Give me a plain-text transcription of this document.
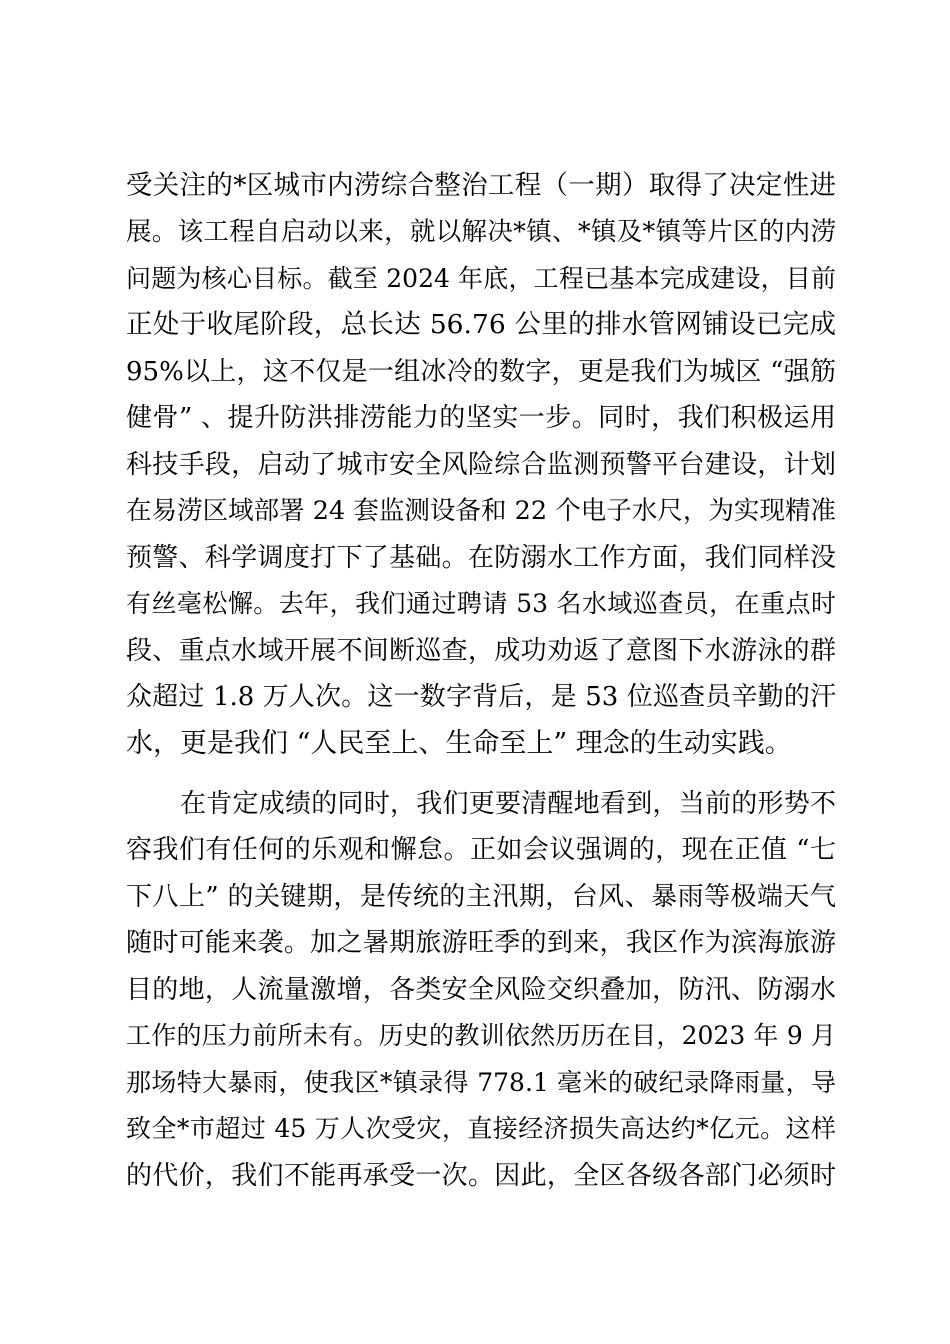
受关注的*区城市内涝综合整治工程（一期）取得了决定性进
展。该工程自启动以来，就以解决*镇、*镇及*镇等片区的内涝
问题为核心目标。截至 2024 年底，工程已基本完成建设，目前
正处于收尾阶段，总长达 56.76 公里的排水管网铺设已完成
95%以上，这不仅是一组冰冷的数字，更是我们为城区 “强筋
健骨” 、提升防洪排涝能力的坚实一步。同时，我们积极运用
科技手段，启动了城市安全风险综合监测预警平台建设，计划
在易涝区域部署 24 套监测设备和 22 个电子水尺，为实现精准
预警、科学调度打下了基础。在防溺水工作方面，我们同样没
有丝毫松懈。去年，我们通过聘请 53 名水域巡查员，在重点时
段、重点水域开展不间断巡查，成功劝返了意图下水游泳的群
众超过 1.8 万人次。这一数字背后，是 53 位巡查员辛勤的汗
水，更是我们 “人民至上、生命至上” 理念的生动实践。
在肯定成绩的同时，我们更要清醒地看到，当前的形势不
容我们有任何的乐观和懈怠。正如会议强调的，现在正值 “七
下八上” 的关键期，是传统的主汛期，台风、暴雨等极端天气
随时可能来袭。加之暑期旅游旺季的到来，我区作为滨海旅游
目的地，人流量激增，各类安全风险交织叠加，防汛、防溺水
工作的压力前所未有。历史的教训依然历历在目，2023 年 9 月
那场特大暴雨，使我区*镇录得 778.1 毫米的破纪录降雨量，导
致全*市超过 45 万人次受灾，直接经济损失高达约*亿元。这样
的代价，我们不能再承受一次。因此，全区各级各部门必须时
